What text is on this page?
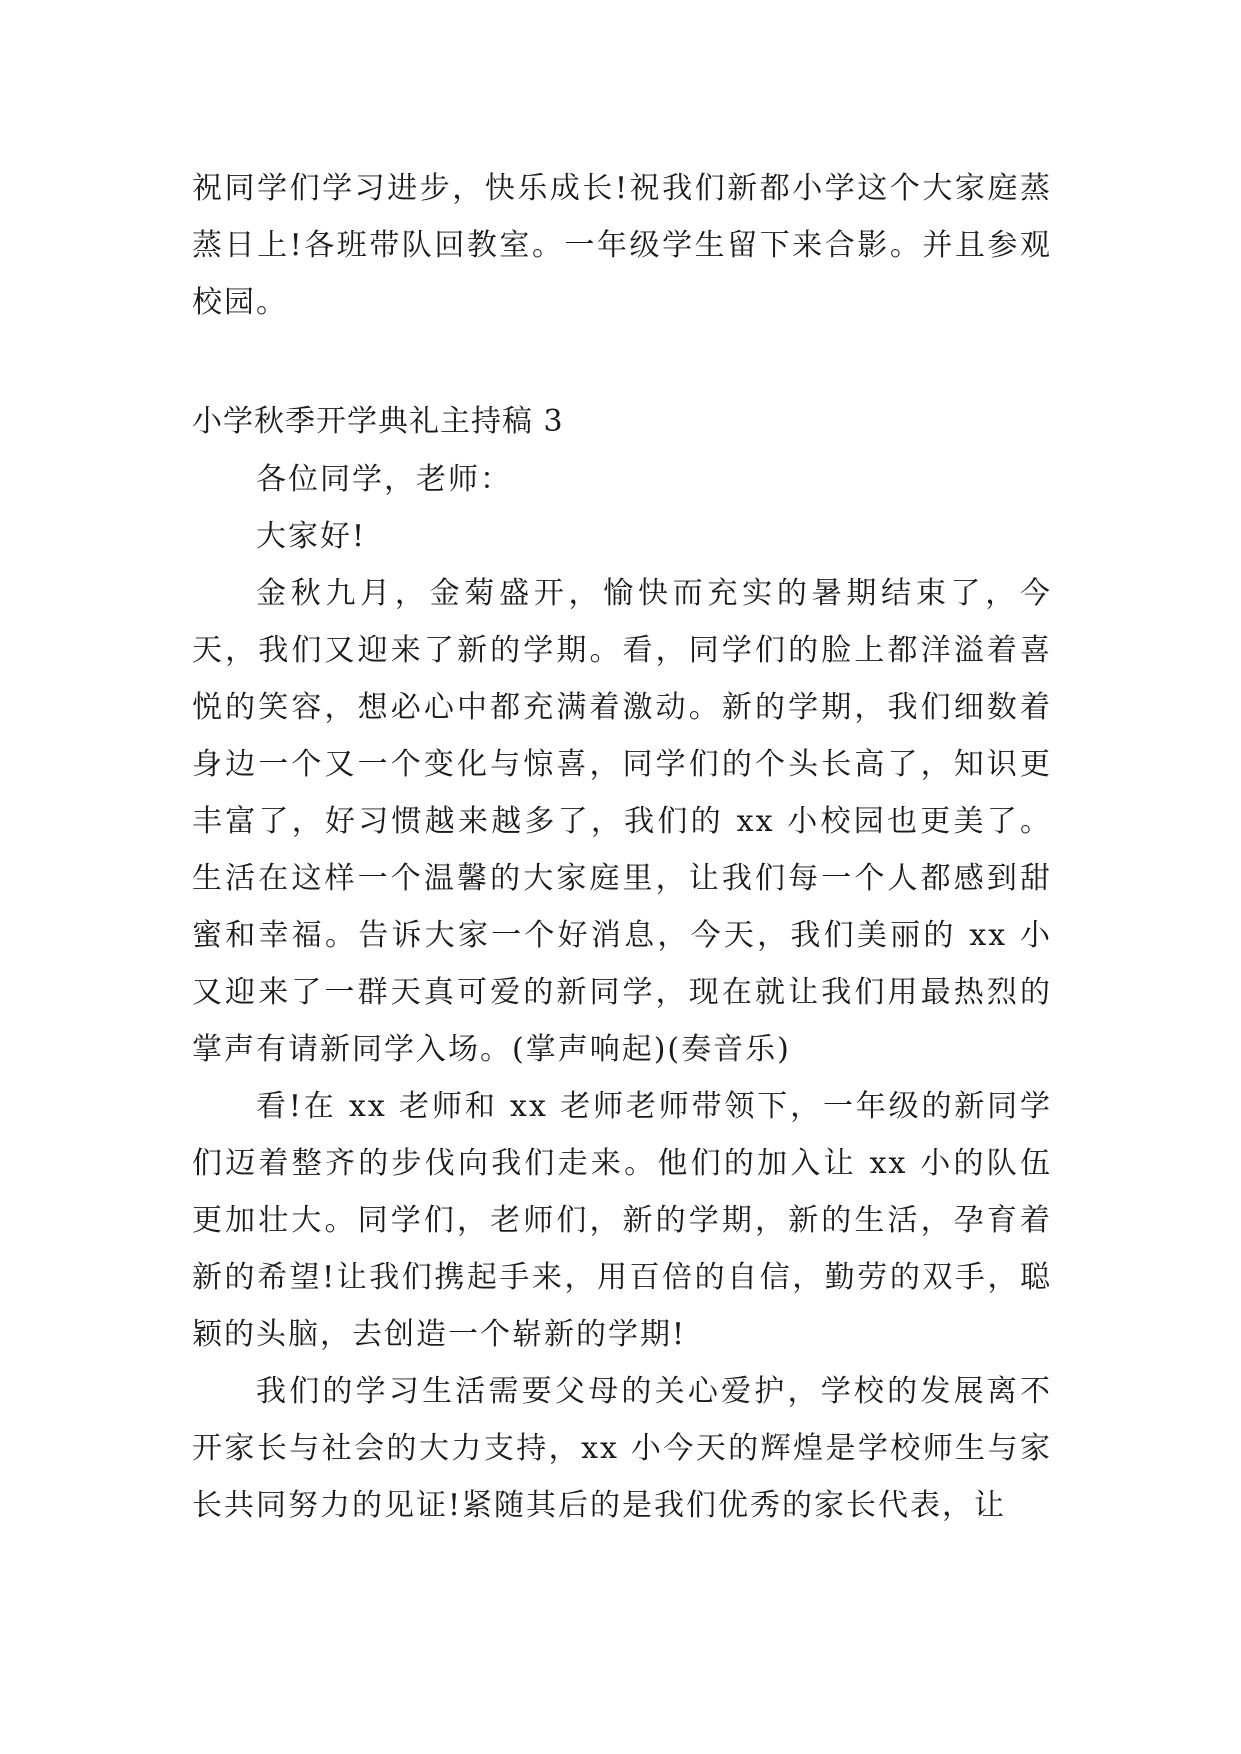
祝同学们学习进步，快乐成长!祝我们新都小学这个大家庭蒸蒸日上!各班带队回教室。一年级学生留下来合影。并且参观校园。

小学秋季开学典礼主持稿 3

各位同学，老师：

大家好!

金秋九月，金菊盛开，愉快而充实的暑期结束了，今天，我们又迎来了新的学期。看，同学们的脸上都洋溢着喜悦的笑容，想必心中都充满着激动。新的学期，我们细数着身边一个又一个变化与惊喜，同学们的个头长高了，知识更丰富了，好习惯越来越多了，我们的 xx 小校园也更美了。生活在这样一个温馨的大家庭里，让我们每一个人都感到甜蜜和幸福。告诉大家一个好消息，今天，我们美丽的 xx 小又迎来了一群天真可爱的新同学，现在就让我们用最热烈的掌声有请新同学入场。(掌声响起)(奏音乐)

看!在 xx 老师和 xx 老师老师带领下，一年级的新同学们迈着整齐的步伐向我们走来。他们的加入让 xx 小的队伍更加壮大。同学们，老师们，新的学期，新的生活，孕育着新的希望!让我们携起手来，用百倍的自信，勤劳的双手，聪颖的头脑，去创造一个崭新的学期!

我们的学习生活需要父母的关心爱护，学校的发展离不开家长与社会的大力支持，xx 小今天的辉煌是学校师生与家长共同努力的见证!紧随其后的是我们优秀的家长代表，让
